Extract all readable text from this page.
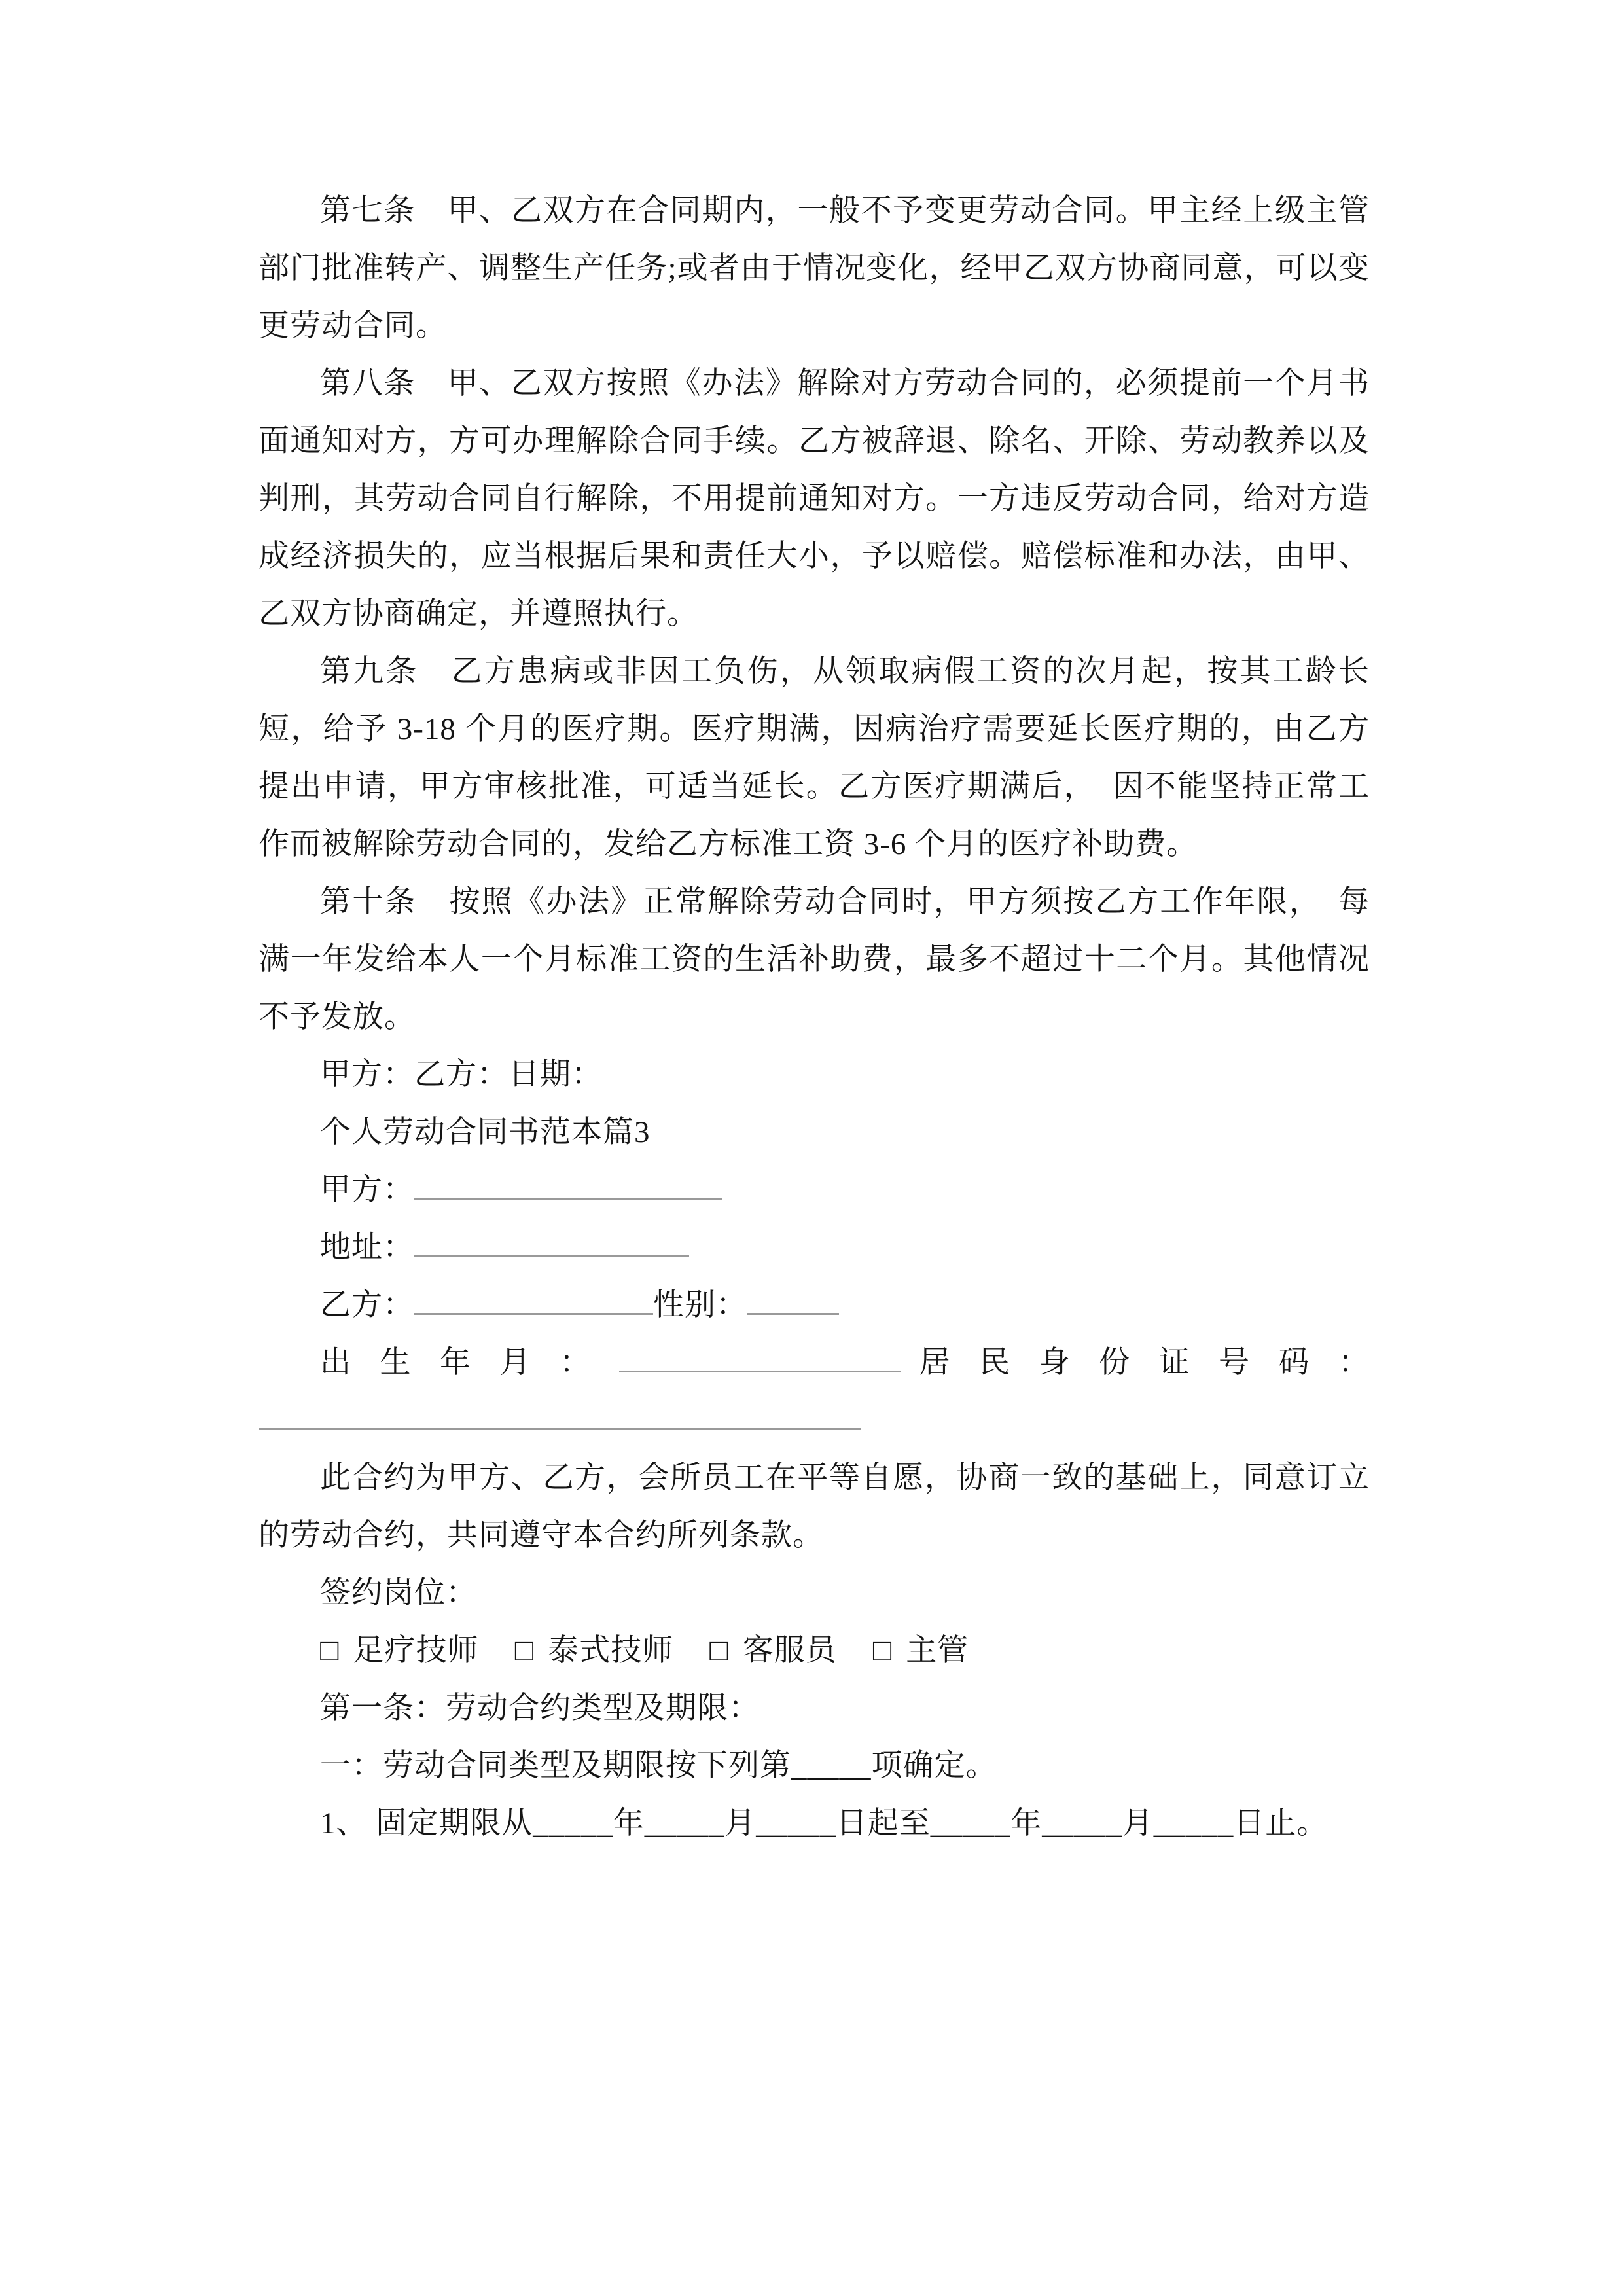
第七条　甲、乙双方在合同期内，一般不予变更劳动合同。甲主经上级主管部门批准转产、调整生产任务;或者由于情况变化，经甲乙双方协商同意，可以变更劳动合同。

第八条　甲、乙双方按照《办法》解除对方劳动合同的，必须提前一个月书面通知对方，方可办理解除合同手续。乙方被辞退、除名、开除、劳动教养以及判刑，其劳动合同自行解除，不用提前通知对方。一方违反劳动合同，给对方造成经济损失的，应当根据后果和责任大小，予以赔偿。赔偿标准和办法，由甲、乙双方协商确定，并遵照执行。

第九条　乙方患病或非因工负伤，从领取病假工资的次月起，按其工龄长短，给予 3-18 个月的医疗期。医疗期满，因病治疗需要延长医疗期的，由乙方提出申请，甲方审核批准，可适当延长。乙方医疗期满后，　因不能坚持正常工作而被解除劳动合同的，发给乙方标准工资 3-6 个月的医疗补助费。

第十条　按照《办法》正常解除劳动合同时，甲方须按乙方工作年限，　每满一年发给本人一个月标准工资的生活补助费，最多不超过十二个月。其他情况不予发放。

甲方：乙方：日期：

个人劳动合同书范本篇3

甲方：

地址：

乙方：	性别：

出 生 年 月 ：	居 民 身 份 证 号 码 ：

此合约为甲方、乙方，会所员工在平等自愿，协商一致的基础上，同意订立的劳动合约，共同遵守本合约所列条款。

签约岗位：

□ 足疗技师 □ 泰式技师 □ 客服员 □ 主管

第一条：劳动合约类型及期限：

一：劳动合同类型及期限按下列第_____项确定。

1、 固定期限从_____年_____月_____日起至_____年_____月_____日止。
